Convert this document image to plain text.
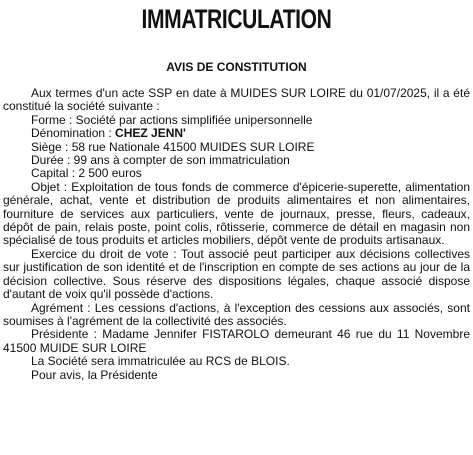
IMMATRICULATION
AVIS DE CONSTITUTION

Aux termes d'un acte SSP en date à MUIDES SUR LOIRE du 01/07/2025, il a été constitué la société suivante :

Forme : Société par actions simplifiée unipersonnelle

Dénomination : CHEZ JENN'

Siège : 58 rue Nationale 41500 MUIDES SUR LOIRE

Durée : 99 ans à compter de son immatriculation

Capital : 2 500 euros

Objet : Exploitation de tous fonds de commerce d'épicerie-superette, alimentation générale, achat, vente et distribution de produits alimentaires et non alimentaires, fourniture de services aux particuliers, vente de journaux, presse, fleurs, cadeaux, dépôt de pain, relais poste, point colis, rôtisserie, commerce de détail en magasin non spécialisé de tous produits et articles mobiliers, dépôt vente de produits artisanaux.

Exercice du droit de vote : Tout associé peut participer aux décisions collectives sur justification de son identité et de l'inscription en compte de ses actions au jour de la décision collective. Sous réserve des dispositions légales, chaque associé dispose d'autant de voix qu'il possède d'actions.

Agrément : Les cessions d'actions, à l'exception des cessions aux associés, sont soumises à l'agrément de la collectivité des associés.

Présidente : Madame Jennifer FISTAROLO demeurant 46 rue du 11 Novembre 41500 MUIDE SUR LOIRE

La Société sera immatriculée au RCS de BLOIS.

Pour avis, la Présidente
